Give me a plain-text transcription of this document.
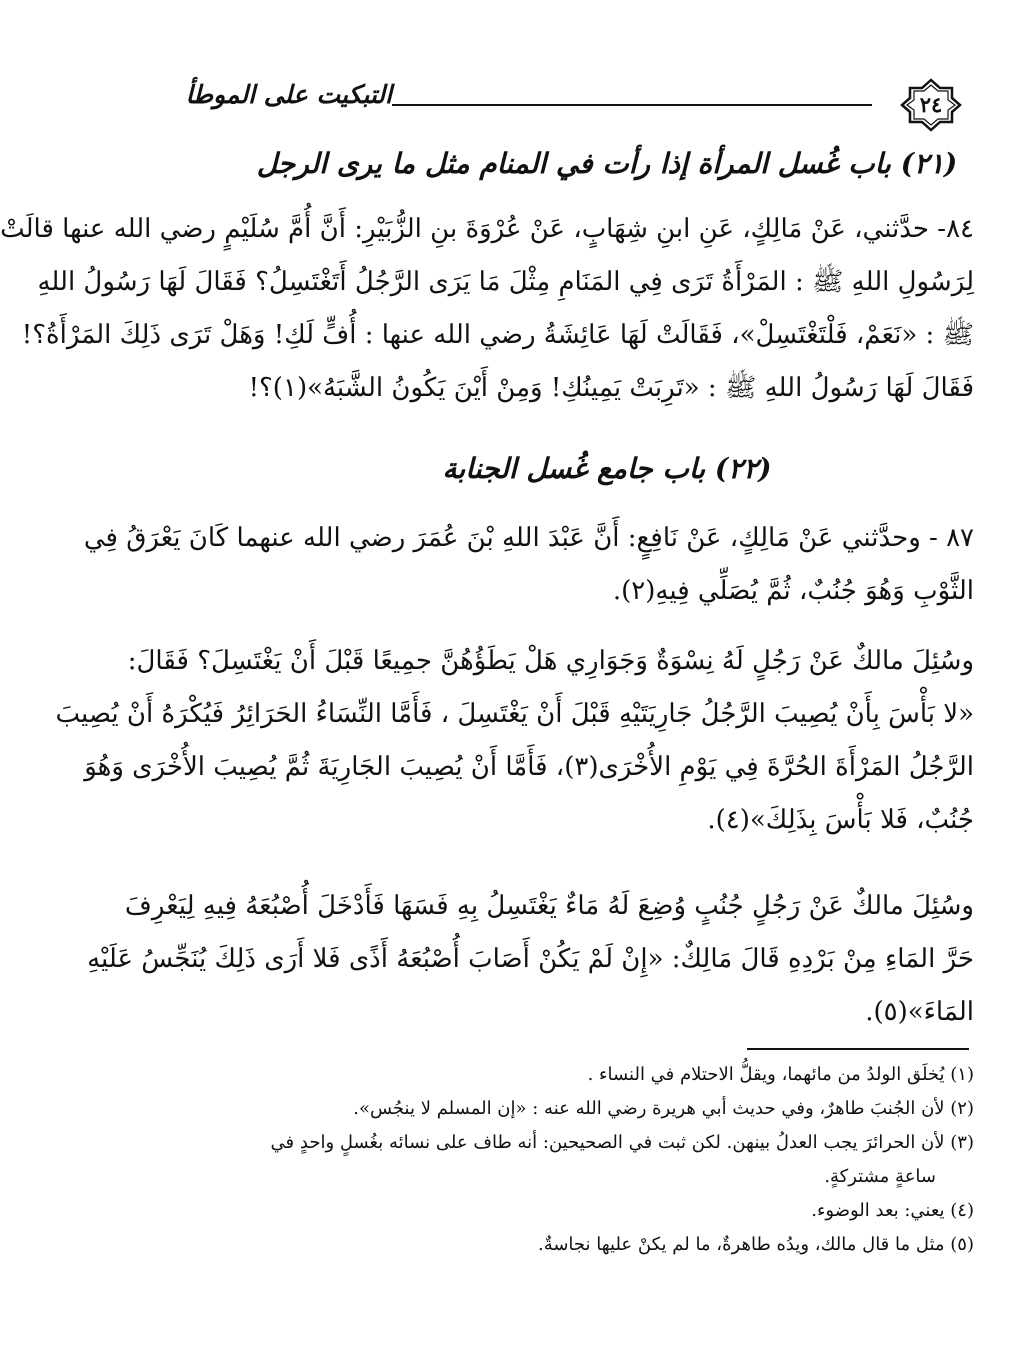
التبكيت على الموطأ	٢٤
(٢١) باب غُسل المرأة إذا رأت في المنام مثل ما يرى الرجل
٨٤- حدَّثني، عَنْ مَالِكٍ، عَنِ ابنِ شِهَابٍ، عَنْ عُرْوَةَ بنِ الزُّبَيْرِ: أَنَّ أُمَّ سُلَيْمٍ رضي الله عنها قالَتْ
لِرَسُولِ اللهِ ﷺ : المَرْأَةُ تَرَى فِي المَنَامِ مِثْلَ مَا يَرَى الرَّجُلُ أَتَغْتَسِلُ؟ فَقَالَ لَهَا رَسُولُ اللهِ
ﷺ : «نَعَمْ، فَلْتَغْتَسِلْ»، فَقَالَتْ لَهَا عَائِشَةُ رضي الله عنها : أُفٍّ لَكِ! وَهَلْ تَرَى ذَلِكَ المَرْأَةُ؟!
فَقَالَ لَهَا رَسُولُ اللهِ ﷺ : «تَرِبَتْ يَمِينُكِ! وَمِنْ أَيْنَ يَكُونُ الشَّبَهُ»(١)؟!
(٢٢) باب جامع غُسل الجنابة
٨٧ - وحدَّثني عَنْ مَالِكٍ، عَنْ نَافِعٍ: أَنَّ عَبْدَ اللهِ بْنَ عُمَرَ رضي الله عنهما كَانَ يَعْرَقُ فِي
الثَّوْبِ وَهُوَ جُنُبٌ، ثُمَّ يُصَلِّي فِيهِ(٢).
وسُئِلَ مالكٌ عَنْ رَجُلٍ لَهُ نِسْوَةٌ وَجَوَارِي هَلْ يَطَؤُهُنَّ جمِيعًا قَبْلَ أَنْ يَغْتَسِلَ؟ فَقَالَ:
«لا بَأْسَ بِأَنْ يُصِيبَ الرَّجُلُ جَارِيَتَيْهِ قَبْلَ أَنْ يَغْتَسِلَ ، فَأَمَّا النِّسَاءُ الحَرَائِرُ فَيُكْرَهُ أَنْ يُصِيبَ
الرَّجُلُ المَرْأَةَ الحُرَّةَ فِي يَوْمِ الأُخْرَى(٣)، فَأَمَّا أَنْ يُصِيبَ الجَارِيَةَ ثُمَّ يُصِيبَ الأُخْرَى وَهُوَ
جُنُبٌ، فَلا بَأْسَ بِذَلِكَ»(٤).
وسُئِلَ مالكٌ عَنْ رَجُلٍ جُنُبٍ وُضِعَ لَهُ مَاءٌ يَغْتَسِلُ بِهِ فَسَهَا فَأَدْخَلَ أُصْبُعَهُ فِيهِ لِيَعْرِفَ
حَرَّ المَاءِ مِنْ بَرْدِهِ قَالَ مَالِكٌ: «إِنْ لَمْ يَكُنْ أَصَابَ أُصْبُعَهُ أَذًى فَلا أَرَى ذَلِكَ يُنَجِّسُ عَلَيْهِ
المَاءَ»(٥).
(١) يُخلَق الولدُ من مائهما، ويقلُّ الاحتلام في النساء .
(٢) لأن الجُنبَ طاهرٌ، وفي حديث أبي هريرة رضي الله عنه : «إن المسلم لا ينجُس».
(٣) لأن الحرائرَ يجب العدلُ بينهن. لكن ثبت في الصحيحين: أنه طاف على نسائه بغُسلٍ واحدٍ في
ساعةٍ مشتركةٍ.
(٤) يعني: بعد الوضوء.
(٥) مثل ما قال مالك، ويدُه طاهرةٌ، ما لم يكنْ عليها نجاسةٌ.
